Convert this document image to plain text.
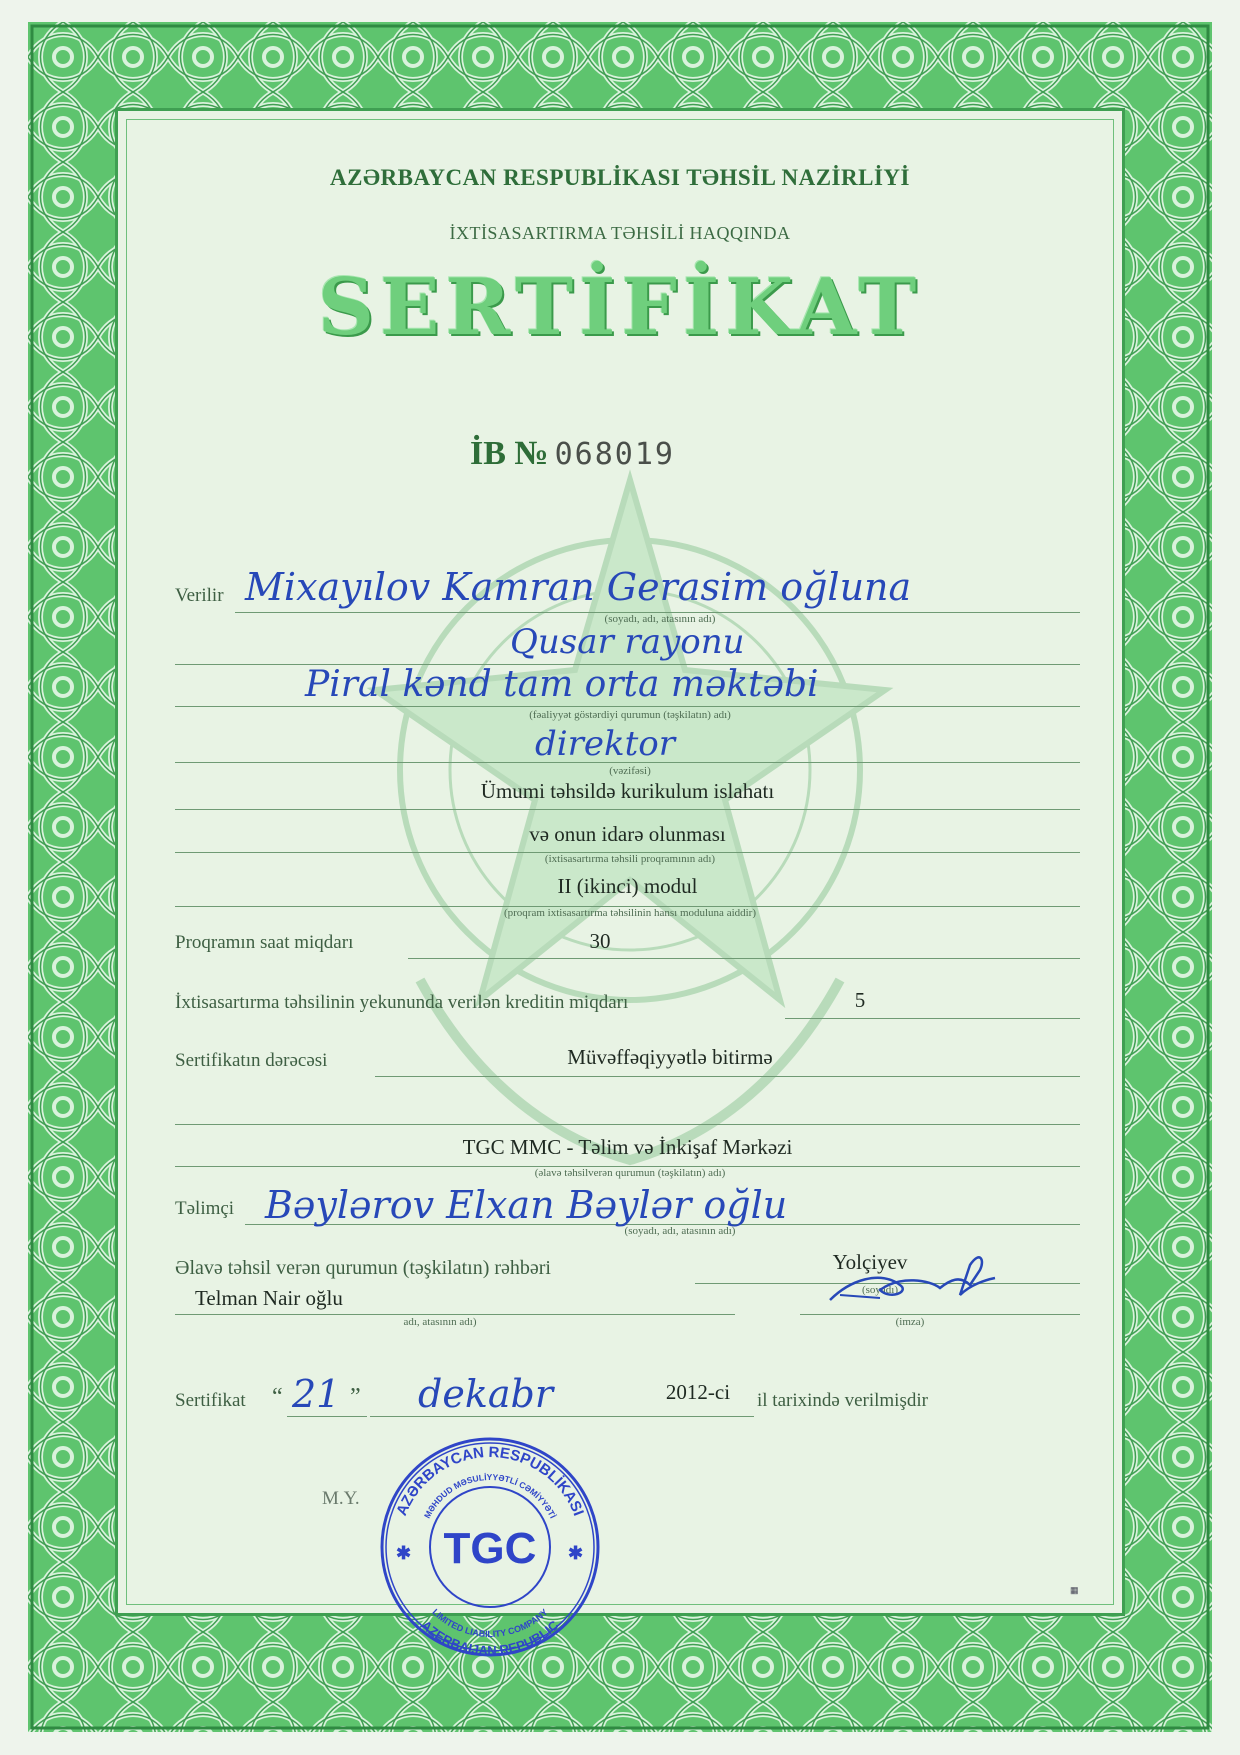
AZƏRBAYCAN RESPUBLİKASI TƏHSİL NAZİRLİYİ
İXTİSASARTIRMA TƏHSİLİ HAQQINDA
SERTİFİKAT
İB № 068019
Verilir Mixayılov Kamran Gerasim oğluna
(soyadı, adı, atasının adı)
Qusar rayonu
Piral kənd tam orta məktəbi
(fəaliyyət göstərdiyi qurumun (təşkilatın) adı)
direktor
(vəzifəsi)
Ümumi təhsildə kurikulum islahatı
və onun idarə olunması
(ixtisasartırma təhsili proqramının adı)
II (ikinci) modul
(proqram ixtisasartırma təhsilinin hansı moduluna aiddir)
Proqramın saat miqdarı	30
İxtisasartırma təhsilinin yekununda verilən kreditin miqdarı	5
Sertifikatın dərəcəsi	Müvəffəqiyyətlə bitirmə
TGC MMC - Təlim və İnkişaf Mərkəzi
(əlavə təhsilverən qurumun (təşkilatın) adı)
Təlimçi Bəylərov Elxan Bəylər oğlu
(soyadı, adı, atasının adı)
Əlavə təhsil verən qurumun (təşkilatın) rəhbəri	Yolçiyev
(soyadı)
Telman Nair oğlu
adı, atasının adı)	(imza)
Sertifikat “ 21 ” dekabr	2012-ci	il tarixində verilmişdir
M.Y.
AZƏRBAYCAN RESPUBLİKASI
MƏHDUD MƏSULİYYƏTLİ CƏMİYYƏTİ
LIMITED LIABILITY COMPANY
AZERBAIJAN REPUBLIC
TGC
✱	✱
▦
